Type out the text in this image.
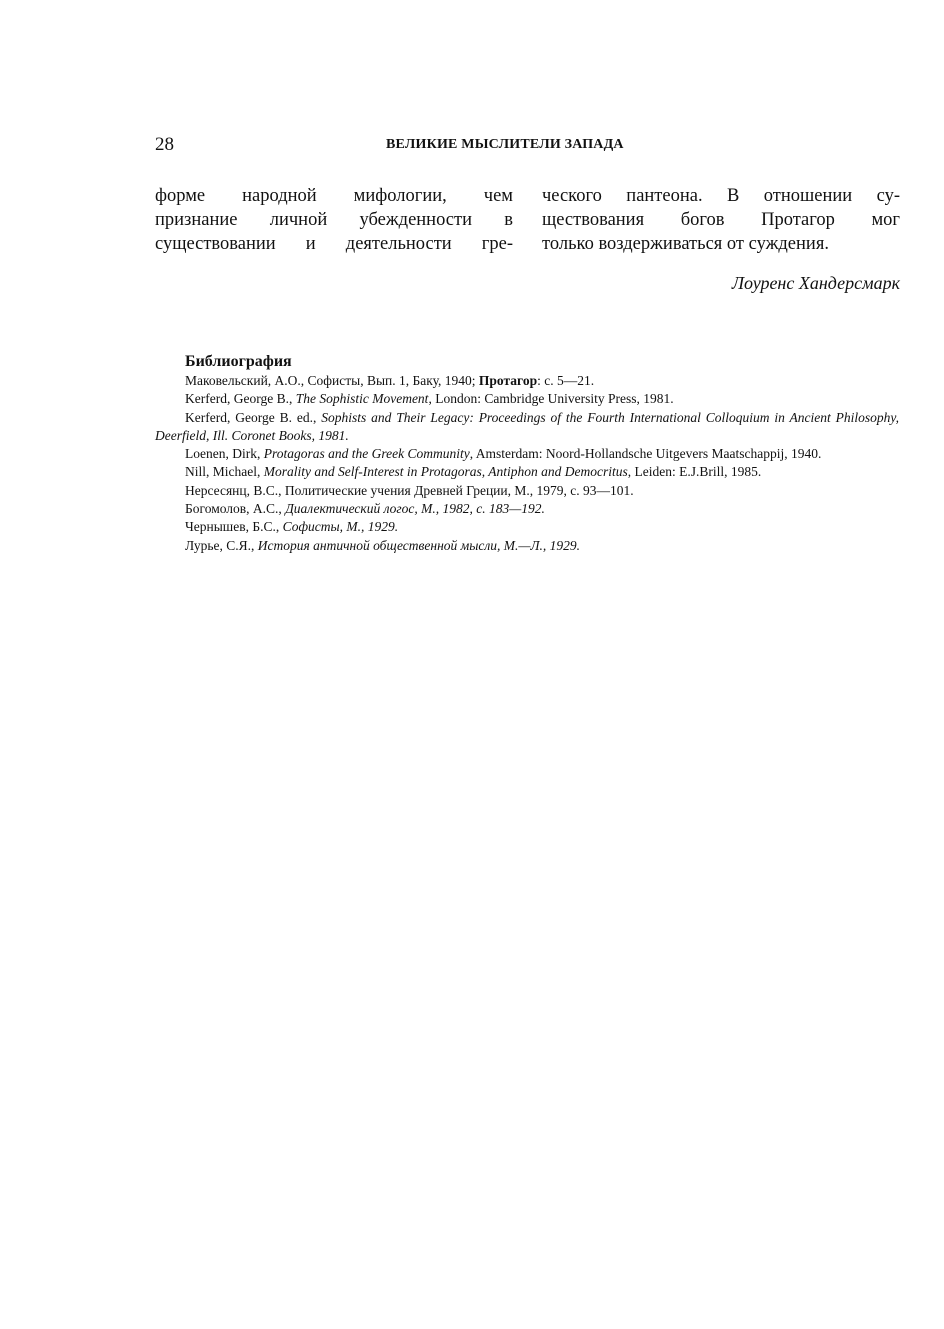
28	ВЕЛИКИЕ МЫСЛИТЕЛИ ЗАПАДА
форме народной мифологии, чем
признание личной убежденности в
существовании и деятельности гре-
ческого пантеона. В отношении су-
ществования богов Протагор мог
только воздерживаться от суждения.
Лоуренс Хандерсмарк
Библиография
Маковельский, А.О., Софисты, Вып. 1, Баку, 1940; Протагор: с. 5—21.
Kerferd, George B., The Sophistic Movement, London: Cambridge University Press, 1981.
Kerferd, George B. ed., Sophists and Their Legacy: Proceedings of the Fourth International Colloquium in Ancient Philosophy, Deerfield, Ill. Coronet Books, 1981.
Loenen, Dirk, Protagoras and the Greek Community, Amsterdam: Noord-Hollandsche Uitgevers Maatschappij, 1940.
Nill, Michael, Morality and Self-Interest in Protagoras, Antiphon and Democritus, Leiden: E.J.Brill, 1985.
Нерсесянц, В.С., Политические учения Древней Греции, М., 1979, с. 93—101.
Богомолов, А.С., Диалектический логос, М., 1982, с. 183—192.
Чернышев, Б.С., Софисты, М., 1929.
Лурье, С.Я., История античной общественной мысли, М.—Л., 1929.
